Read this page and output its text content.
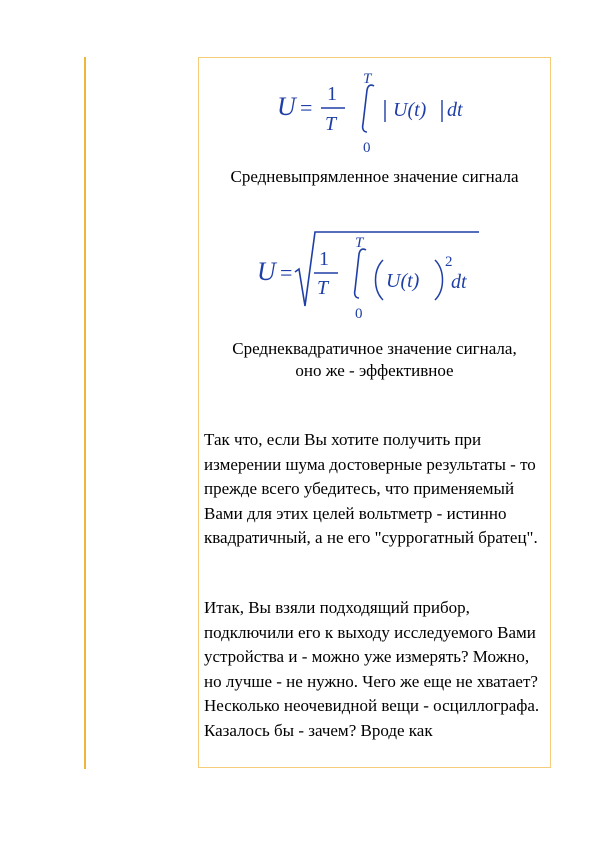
U =
1
T
T
0
U(t) dt
Средневыпрямленное значение сигнала
U =
1
T
T
0
U(t)
2
dt
Среднеквадратичное значение сигнала,
оно же - эффективное

Так что, если Вы хотите получить при измерении шума достоверные результаты - то прежде всего убедитесь, что применяемый Вами для этих целей вольтметр - истинно квадратичный, а не его "суррогатный братец".

Итак, Вы взяли подходящий прибор, подключили его к выходу исследуемого Вами устройства и - можно уже измерять? Можно, но лучше - не нужно. Чего же еще не хватает? Несколько неочевидной вещи - осциллографа. Казалось бы - зачем? Вроде как
